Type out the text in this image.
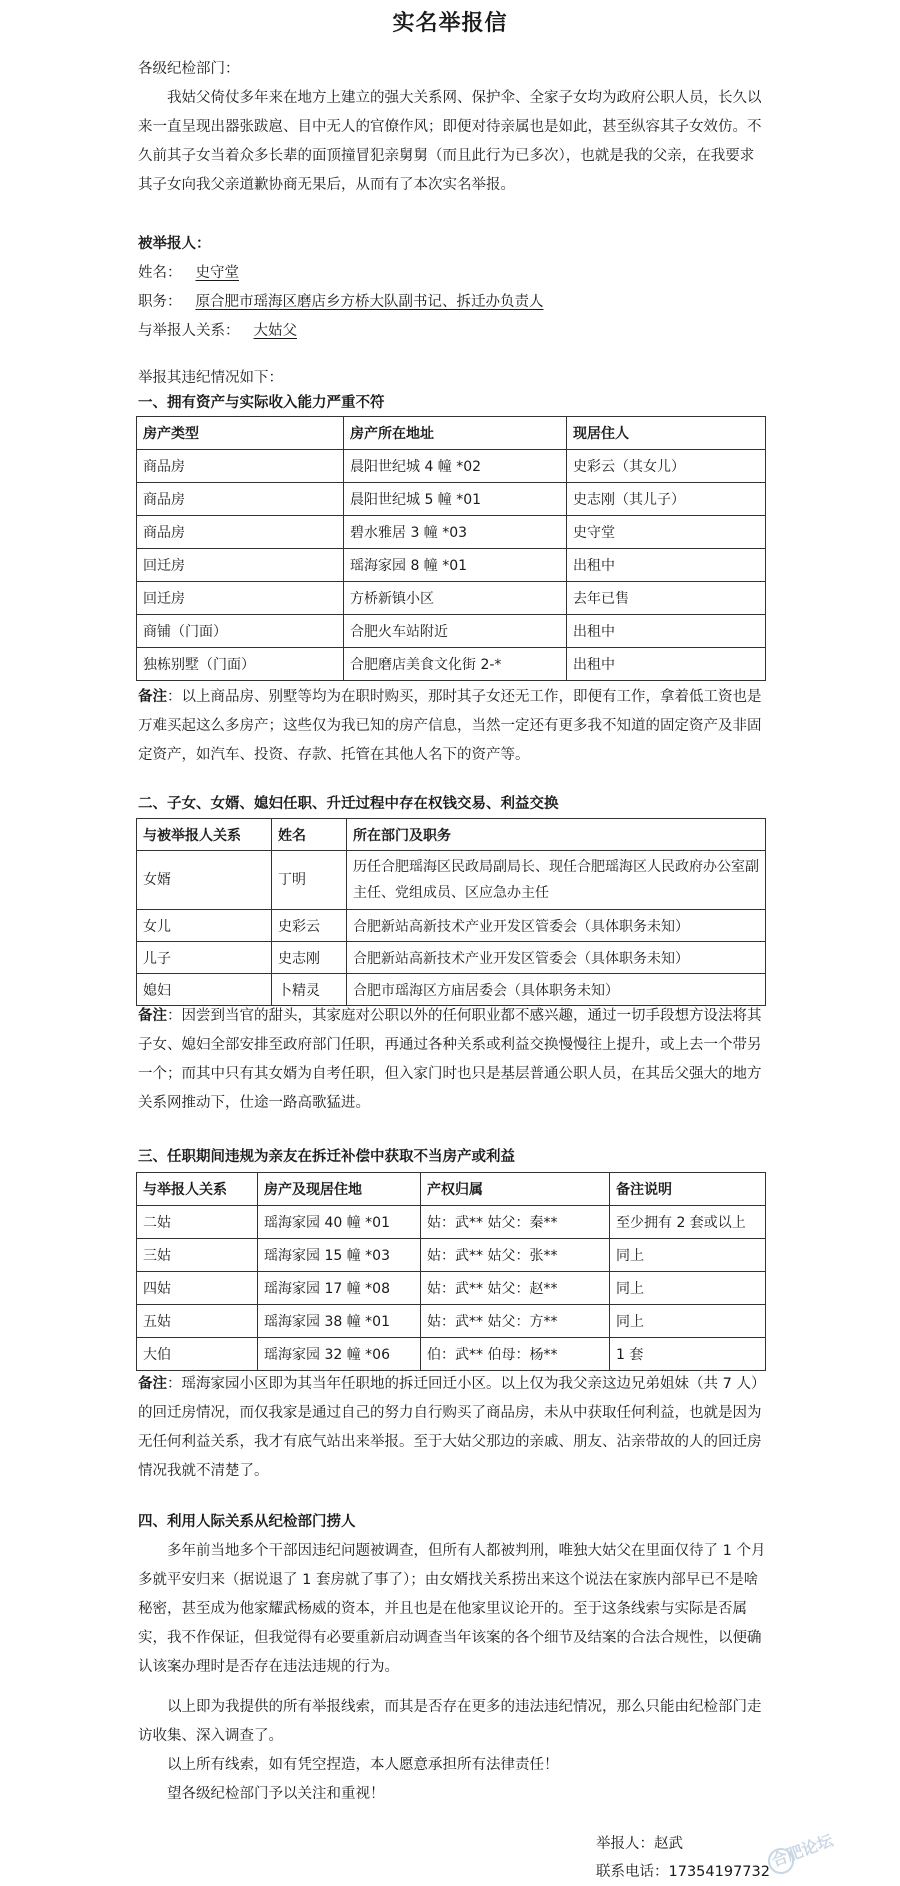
实名举报信
各级纪检部门：
我姑父倚仗多年来在地方上建立的强大关系网、保护伞、全家子女均为政府公职人员，长久以来一直呈现出器张跋扈、目中无人的官僚作风；即便对待亲属也是如此，甚至纵容其子女效仿。不久前其子女当着众多长辈的面顶撞冒犯亲舅舅（而且此行为已多次），也就是我的父亲，在我要求其子女向我父亲道歉协商无果后，从而有了本次实名举报。
被举报人：
姓名： 史守堂
职务： 原合肥市瑶海区磨店乡方桥大队副书记、拆迁办负责人
与举报人关系： 大姑父
举报其违纪情况如下：
一、拥有资产与实际收入能力严重不符
房产类型	房产所在地址	现居住人
商品房	晨阳世纪城 4 幢 *02	史彩云（其女儿）
商品房	晨阳世纪城 5 幢 *01	史志刚（其儿子）
商品房	碧水雅居 3 幢 *03	史守堂
回迁房	瑶海家园 8 幢 *01	出租中
回迁房	方桥新镇小区	去年已售
商铺（门面）	合肥火车站附近	出租中
独栋别墅（门面）	合肥磨店美食文化街 2-*	出租中
备注：以上商品房、别墅等均为在职时购买，那时其子女还无工作，即便有工作，拿着低工资也是万难买起这么多房产；这些仅为我已知的房产信息，当然一定还有更多我不知道的固定资产及非固定资产，如汽车、投资、存款、托管在其他人名下的资产等。
二、子女、女婿、媳妇任职、升迁过程中存在权钱交易、利益交换
与被举报人关系	姓名	所在部门及职务
女婿	丁明	历任合肥瑶海区民政局副局长、现任合肥瑶海区人民政府办公室副主任、党组成员、区应急办主任
女儿	史彩云	合肥新站高新技术产业开发区管委会（具体职务未知）
儿子	史志刚	合肥新站高新技术产业开发区管委会（具体职务未知）
媳妇	卜精灵	合肥市瑶海区方庙居委会（具体职务未知）
备注：因尝到当官的甜头，其家庭对公职以外的任何职业都不感兴趣，通过一切手段想方设法将其子女、媳妇全部安排至政府部门任职，再通过各种关系或利益交换慢慢往上提升，或上去一个带另一个；而其中只有其女婿为自考任职，但入家门时也只是基层普通公职人员，在其岳父强大的地方关系网推动下，仕途一路高歌猛进。
三、任职期间违规为亲友在拆迁补偿中获取不当房产或利益
与举报人关系	房产及现居住地	产权归属	备注说明
二姑	瑶海家园 40 幢 *01	姑：武** 姑父：秦**	至少拥有 2 套或以上
三姑	瑶海家园 15 幢 *03	姑：武** 姑父：张**	同上
四姑	瑶海家园 17 幢 *08	姑：武** 姑父：赵**	同上
五姑	瑶海家园 38 幢 *01	姑：武** 姑父：方**	同上
大伯	瑶海家园 32 幢 *06	伯：武** 伯母：杨**	1 套
备注：瑶海家园小区即为其当年任职地的拆迁回迁小区。以上仅为我父亲这边兄弟姐妹（共 7 人）的回迁房情况，而仅我家是通过自己的努力自行购买了商品房，未从中获取任何利益，也就是因为无任何利益关系，我才有底气站出来举报。至于大姑父那边的亲戚、朋友、沾亲带故的人的回迁房情况我就不清楚了。
四、利用人际关系从纪检部门捞人
多年前当地多个干部因违纪问题被调查，但所有人都被判刑，唯独大姑父在里面仅待了 1 个月多就平安归来（据说退了 1 套房就了事了）；由女婿找关系捞出来这个说法在家族内部早已不是啥秘密，甚至成为他家耀武杨威的资本，并且也是在他家里议论开的。至于这条线索与实际是否属实，我不作保证，但我觉得有必要重新启动调查当年该案的各个细节及结案的合法合规性，以便确认该案办理时是否存在违法违规的行为。
以上即为我提供的所有举报线索，而其是否存在更多的违法违纪情况，那么只能由纪检部门走访收集、深入调查了。
以上所有线索，如有凭空捏造，本人愿意承担所有法律责任！
望各级纪检部门予以关注和重视！
举报人：赵武
联系电话：17354197732
合肥论坛
